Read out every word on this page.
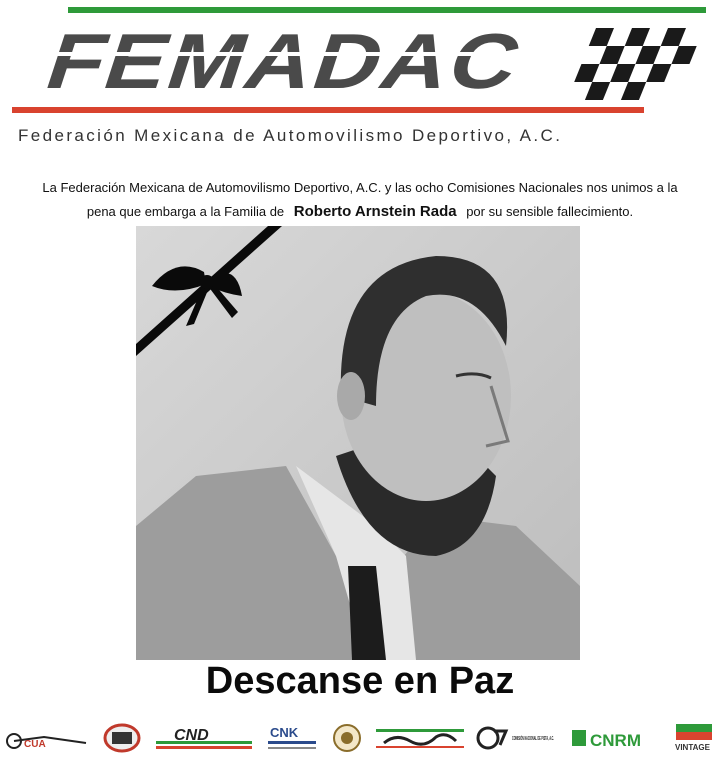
FEMADAC
Federación Mexicana de Automovilismo Deportivo, A.C.
La Federación Mexicana de Automovilismo Deportivo, A.C. y las ocho Comisiones Nacionales nos unimos a la
pena que embarga a la Familia de Roberto Arnstein Rada por su sensible fallecimiento.
Descanse en Paz
CUA
CND	CNK	COMISIÓN NACIONAL DE PISTA, A.C.
CNRM	VINTAGE
